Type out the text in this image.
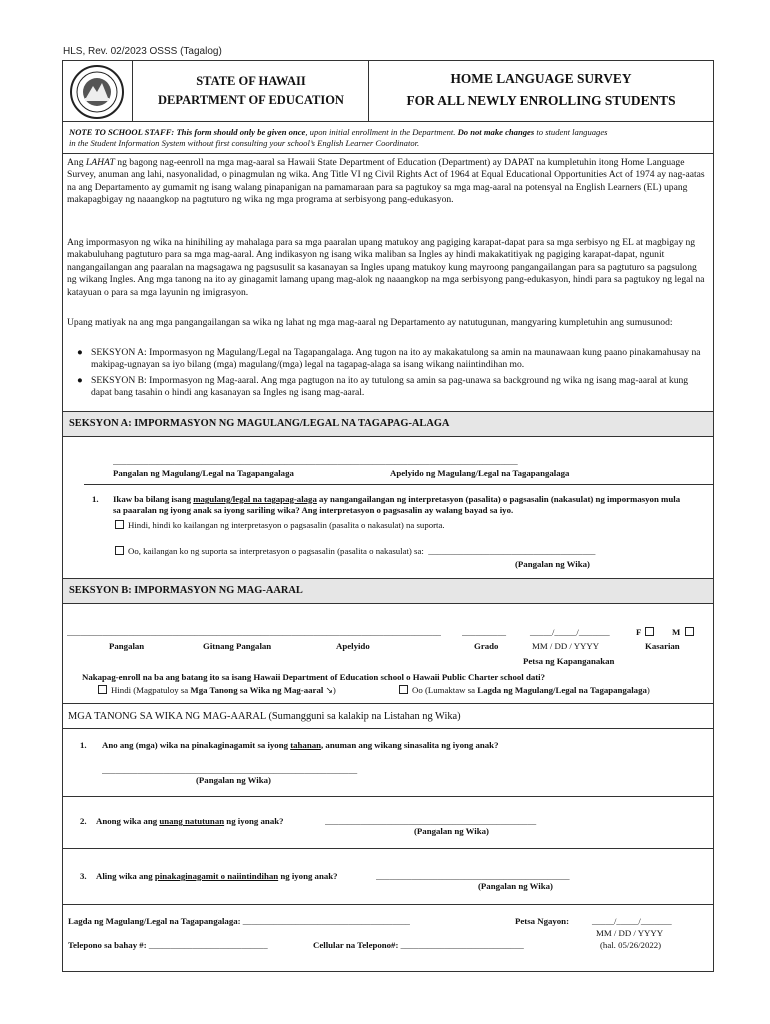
HLS, Rev. 02/2023 OSSS (Tagalog)
STATE OF HAWAII
DEPARTMENT OF EDUCATION
HOME LANGUAGE SURVEY
FOR ALL NEWLY ENROLLING STUDENTS
NOTE TO SCHOOL STAFF: This form should only be given once, upon initial enrollment in the Department. Do not make changes to student languages
in the Student Information System without first consulting your school’s English Learner Coordinator.
Ang LAHAT ng bagong nag-eenroll na mga mag-aaral sa Hawaii State Department of Education (Department) ay DAPAT na kumpletuhin itong Home Language Survey, anuman ang lahi, nasyonalidad, o pinagmulan ng wika. Ang Title VI ng Civil Rights Act of 1964 at Equal Educational Opportunities Act of 1974 ay nag-aatas na ang Departamento ay gumamit ng isang walang pinapanigan na pamamaraan para sa pagtukoy sa mga mag-aaral na potensyal na English Learners (EL) upang makapagbigay ng naaangkop na pagtuturo ng wika ng mga programa at serbisyong pang-edukasyon.
Ang impormasyon ng wika na hinihiling ay mahalaga para sa mga paaralan upang matukoy ang pagiging karapat-dapat para sa mga serbisyo ng EL at magbigay ng makabuluhang pagtuturo para sa mga mag-aaral. Ang indikasyon ng isang wika maliban sa Ingles ay hindi makakatitiyak ng pagiging karapat-dapat, ngunit nangangailangan ang paaralan na magsagawa ng pagsusulit sa kasanayan sa Ingles upang matukoy kung mayroong pangangailangan para sa pagtuturo sa pagsulong ng wikang Ingles. Ang mga tanong na ito ay ginagamit lamang upang mag-alok ng naaangkop na mga serbisyong pang-edukasyon, hindi para sa pagtukoy ng legal na katayuan o para sa mga layunin ng imigrasyon.
Upang matiyak na ang mga pangangailangan sa wika ng lahat ng mga mag-aaral ng Departamento ay natutugunan, mangyaring kumpletuhin ang sumusunod:
● SEKSYON A: Impormasyon ng Magulang/Legal na Tagapangalaga. Ang tugon na ito ay makakatulong sa amin na maunawaan kung paano pinakamahusay na makipag-ugnayan sa iyo bilang (mga) magulang/(mga) legal na tagapag-alaga sa isang wikang naiintindihan mo.
● SEKSYON B: Impormasyon ng Mag-aaral. Ang mga pagtugon na ito ay tutulong sa amin sa pag-unawa sa background ng wika ng isang mag-aaral at kung dapat bang tasahin o hindi ang kasanayan sa Ingles ng isang mag-aaral.
SEKSYON A: IMPORMASYON NG MAGULANG/LEGAL NA TAGAPAG-ALAGA
____________________________________________________________________________________________
Pangalan ng Magulang/Legal na Tagapangalaga	Apelyido ng Magulang/Legal na Tagapangalaga
1. Ikaw ba bilang isang magulang/legal na tagapag-alaga ay nangangailangan ng interpretasyon (pasalita) o pagsasalin (nakasulat) ng impormasyon mula sa paaralan ng iyong anak sa iyong sariling wika? Ang interpretasyon o pagsasalin ay walang bayad sa iyo.
Hindi, hindi ko kailangan ng interpretasyon o pagsasalin (pasalita o nakasulat) na suporta.
Oo, kailangan ko ng suporta sa interpretasyon o pagsasalin (pasalita o nakasulat) sa: ______________________________________
(Pangalan ng Wika)
SEKSYON B: IMPORMASYON NG MAG-AARAL
_____________________________________________________________________________________	__________	_____/_____/_______	F	M
Pangalan	Gitnang Pangalan	Apelyido	Grado	MM / DD / YYYY	Kasarian
Petsa ng Kapanganakan
Nakapag-enroll na ba ang batang ito sa isang Hawaii Department of Education school o Hawaii Public Charter school dati?
Hindi (Magpatuloy sa Mga Tanong sa Wika ng Mag-aaral ↘)	Oo (Lumaktaw sa Lagda ng Magulang/Legal na Tagapangalaga)
MGA TANONG SA WIKA NG MAG-AARAL (Sumangguni sa kalakip na Listahan ng Wika)
1. Ano ang (mga) wika na pinakaginagamit sa iyong tahanan, anuman ang wikang sinasalita ng iyong anak?
__________________________________________________________
(Pangalan ng Wika)
2. Anong wika ang unang natutunan ng iyong anak?	________________________________________________
(Pangalan ng Wika)
3. Aling wika ang pinakaginagamit o naiintindihan ng iyong anak?	____________________________________________
(Pangalan ng Wika)
Lagda ng Magulang/Legal na Tagapangalaga: ______________________________________	Petsa Ngayon:	_____/_____/_______
MM / DD / YYYY
Telepono sa bahay #: ___________________________	Cellular na Telepono#: ____________________________	(hal. 05/26/2022)
